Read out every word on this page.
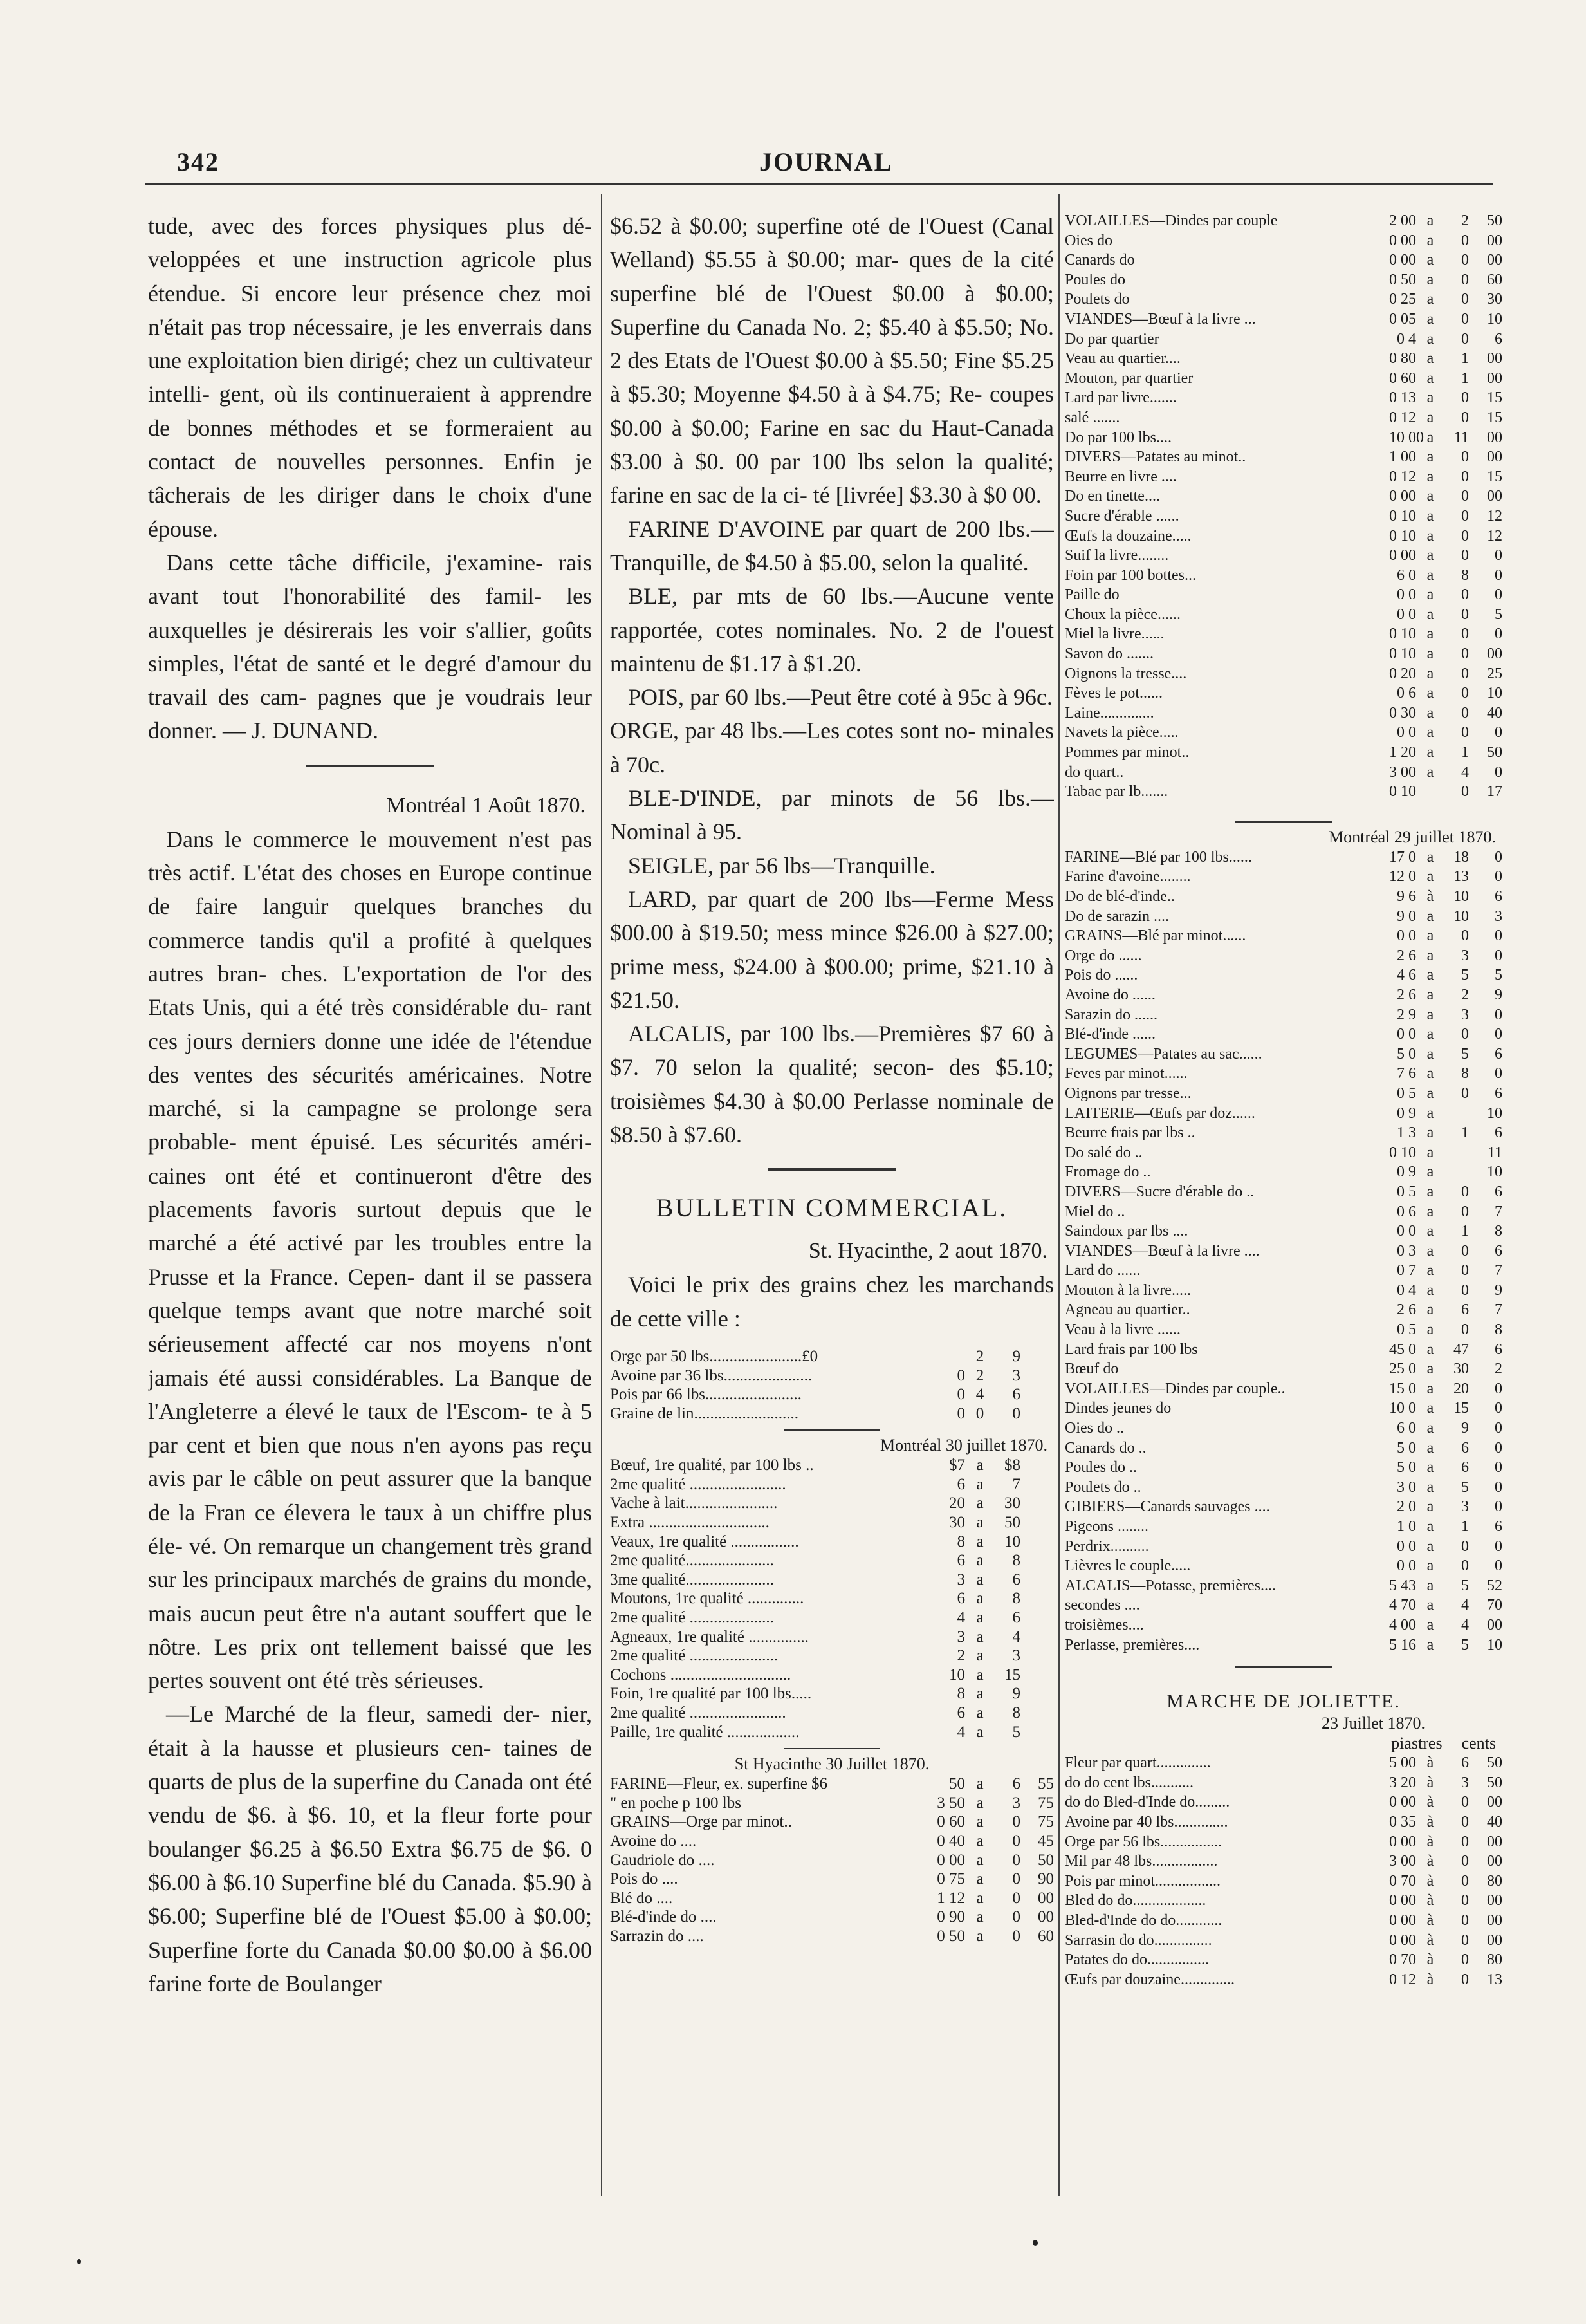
342	JOURNAL

tude, avec des forces physiques plus dé- veloppées et une instruction agricole plus étendue. Si encore leur présence chez moi n'était pas trop nécessaire, je les enverrais dans une exploitation bien dirigé; chez un cultivateur intelli- gent, où ils continueraient à apprendre de bonnes méthodes et se formeraient au contact de nouvelles personnes. Enfin je tâcherais de les diriger dans le choix d'une épouse.

Dans cette tâche difficile, j'examine- rais avant tout l'honorabilité des famil- les auxquelles je désirerais les voir s'allier, goûts simples, l'état de santé et le degré d'amour du travail des cam- pagnes que je voudrais leur donner. — J. DUNAND.

Montréal 1 Août 1870.

Dans le commerce le mouvement n'est pas très actif. L'état des choses en Europe continue de faire languir quelques branches du commerce tandis qu'il a profité à quelques autres bran- ches. L'exportation de l'or des Etats Unis, qui a été très considérable du- rant ces jours derniers donne une idée de l'étendue des ventes des sécurités américaines. Notre marché, si la campagne se prolonge sera probable- ment épuisé. Les sécurités améri- caines ont été et continueront d'être des placements favoris surtout depuis que le marché a été activé par les troubles entre la Prusse et la France. Cepen- dant il se passera quelque temps avant que notre marché soit sérieusement affecté car nos moyens n'ont jamais été aussi considérables. La Banque de l'Angleterre a élevé le taux de l'Escom- te à 5 par cent et bien que nous n'en ayons pas reçu avis par le câble on peut assurer que la banque de la Fran ce élevera le taux à un chiffre plus éle- vé. On remarque un changement très grand sur les principaux marchés de grains du monde, mais aucun peut être n'a autant souffert que le nôtre. Les prix ont tellement baissé que les pertes souvent ont été très sérieuses.

—Le Marché de la fleur, samedi der- nier, était à la hausse et plusieurs cen- taines de quarts de plus de la superfine du Canada ont été vendu de $6. à $6. 10, et la fleur forte pour boulanger $6.25 à $6.50 Extra $6.75 de $6. 0 $6.00 à $6.10 Superfine blé du Canada. $5.90 à $6.00; Superfine blé de l'Ouest $5.00 à $0.00; Superfine forte du Canada $0.00 $0.00 à $6.00 farine forte de Boulanger

$6.52 à $0.00; superfine oté de l'Ouest (Canal Welland) $5.55 à $0.00; mar- ques de la cité superfine blé de l'Ouest $0.00 à $0.00; Superfine du Canada No. 2; $5.40 à $5.50; No. 2 des Etats de l'Ouest $0.00 à $5.50; Fine $5.25 à $5.30; Moyenne $4.50 à à $4.75; Re- coupes $0.00 à $0.00; Farine en sac du Haut-Canada $3.00 à $0. 00 par 100 lbs selon la qualité; farine en sac de la ci- té [livrée] $3.30 à $0 00.

FARINE D'AVOINE par quart de 200 lbs.—Tranquille, de $4.50 à $5.00, selon la qualité.

BLE, par mts de 60 lbs.—Aucune vente rapportée, cotes nominales. No. 2 de l'ouest maintenu de $1.17 à $1.20.

POIS, par 60 lbs.—Peut être coté à 95c à 96c.

ORGE, par 48 lbs.—Les cotes sont no- minales à 70c.

BLE-D'INDE, par minots de 56 lbs.— Nominal à 95.

SEIGLE, par 56 lbs—Tranquille.

LARD, par quart de 200 lbs—Ferme Mess $00.00 à $19.50; mess mince $26.00 à $27.00; prime mess, $24.00 à $00.00; prime, $21.10 à $21.50.

ALCALIS, par 100 lbs.—Premières $7 60 à $7. 70 selon la qualité; secon- des $5.10; troisièmes $4.30 à $0.00 Perlasse nominale de $8.50 à $7.60.

BULLETIN COMMERCIAL.
St. Hyacinthe, 2 aout 1870.

Voici le prix des grains chez les marchands de cette ville :

Orge par 50 lbs.......................£0	2	9
Avoine par 36 lbs......................	0 2	3
Pois par 66 lbs........................	0 4	6
Graine de lin..........................	0 0	0
Montréal 30 juillet 1870.
Bœuf, 1re qualité, par 100 lbs ..	$7 a	$8
2me qualité ........................	6 a	7
Vache à lait.......................	20 a	30
Extra ..............................	30 a	50
Veaux, 1re qualité .................	8 a	10
2me qualité......................	6 a	8
3me qualité......................	3 a	6
Moutons, 1re qualité ..............	6 a	8
2me qualité .....................	4 a	6
Agneaux, 1re qualité ...............	3 a	4
2me qualité ......................	2 a	3
Cochons ..............................	10 a	15
Foin, 1re qualité par 100 lbs.....	8 a	9
2me qualité ........................	6 a	8
Paille, 1re qualité ..................	4 a	5
St Hyacinthe 30 Juillet 1870.
FARINE—Fleur, ex. superfine $6	50 a	6	55
" en poche p 100 lbs	3 50 a	3	75
GRAINS—Orge par minot..	0 60 a	0	75
Avoine do ....	0 40 a	0	45
Gaudriole do ....	0 00 a	0	50
Pois do ....	0 75 a	0	90
Blé do ....	1 12 a	0	00
Blé-d'inde do ....	0 90 a	0	00
Sarrazin do ....	0 50 a	0	60
VOLAILLES—Dindes par couple	2 00 a	2	50
Oies do	0 00 a	0	00
Canards do	0 00 a	0	00
Poules do	0 50 a	0	60
Poulets do	0 25 a	0	30
VIANDES—Bœuf à la livre ...	0 05 a	0	10
Do par quartier	0 4 a	0	6
Veau au quartier....	0 80 a	1	00
Mouton, par quartier	0 60 a	1	00
Lard par livre.......	0 13 a	0	15
salé .......	0 12 a	0	15
Do par 100 lbs....	10 00 a	11	00
DIVERS—Patates au minot..	1 00 a	0	00
Beurre en livre ....	0 12 a	0	15
Do en tinette....	0 00 a	0	00
Sucre d'érable ......	0 10 a	0	12
Œufs la douzaine.....	0 10 a	0	12
Suif la livre........	0 00 a	0	0
Foin par 100 bottes...	6 0 a	8	0
Paille do	0 0 a	0	0
Choux la pièce......	0 0 a	0	5
Miel la livre......	0 10 a	0	0
Savon do .......	0 10 a	0	00
Oignons la tresse....	0 20 a	0	25
Fèves le pot......	0 6 a	0	10
Laine..............	0 30 a	0	40
Navets la pièce.....	0 0 a	0	0
Pommes par minot..	1 20 a	1	50
do quart..	3 00 a	4	0
Tabac par lb.......	0 10	0	17
Montréal 29 juillet 1870.
FARINE—Blé par 100 lbs......	17 0 a	18	0
Farine d'avoine........	12 0 a	13	0
Do de blé-d'inde..	9 6 à	10	6
Do de sarazin ....	9 0 a	10	3
GRAINS—Blé par minot......	0 0 a	0	0
Orge do ......	2 6 a	3	0
Pois do ......	4 6 a	5	5
Avoine do ......	2 6 a	2	9
Sarazin do ......	2 9 a	3	0
Blé-d'inde ......	0 0 a	0	0
LEGUMES—Patates au sac......	5 0 a	5	6
Feves par minot......	7 6 a	8	0
Oignons par tresse...	0 5 a	0	6
LAITERIE—Œufs par doz......	0 9 a	10
Beurre frais par lbs ..	1 3 a	1	6
Do salé do ..	0 10 a	11
Fromage do ..	0 9 a	10
DIVERS—Sucre d'érable do ..	0 5 a	0	6
Miel do ..	0 6 a	0	7
Saindoux par lbs ....	0 0 a	1	8
VIANDES—Bœuf à la livre ....	0 3 a	0	6
Lard do ......	0 7 a	0	7
Mouton à la livre.....	0 4 a	0	9
Agneau au quartier..	2 6 a	6	7
Veau à la livre ......	0 5 a	0	8
Lard frais par 100 lbs	45 0 a	47	6
Bœuf do	25 0 a	30	2
VOLAILLES—Dindes par couple..	15 0 a	20	0
Dindes jeunes do	10 0 a	15	0
Oies do ..	6 0 a	9	0
Canards do ..	5 0 a	6	0
Poules do ..	5 0 a	6	0
Poulets do ..	3 0 a	5	0
GIBIERS—Canards sauvages ....	2 0 a	3	0
Pigeons ........	1 0 a	1	6
Perdrix..........	0 0 a	0	0
Lièvres le couple.....	0 0 a	0	0
ALCALIS—Potasse, premières....	5 43 a	5	52
secondes ....	4 70 a	4	70
troisièmes....	4 00 a	4	00
Perlasse, premières....	5 16 a	5	10
MARCHE DE JOLIETTE.
23 Juillet 1870.
piastres cents
Fleur par quart..............	5 00 à	6	50
do do cent lbs...........	3 20 à	3	50
do do Bled-d'Inde do.........	0 00 à	0	00
Avoine par 40 lbs..............	0 35 à	0	40
Orge par 56 lbs................	0 00 à	0	00
Mil par 48 lbs.................	3 00 à	0	00
Pois par minot.................	0 70 à	0	80
Bled do do...................	0 00 à	0	00
Bled-d'Inde do do............	0 00 à	0	00
Sarrasin do do...............	0 00 à	0	00
Patates do do................	0 70 à	0	80
Œufs par douzaine..............	0 12 à	0	13
